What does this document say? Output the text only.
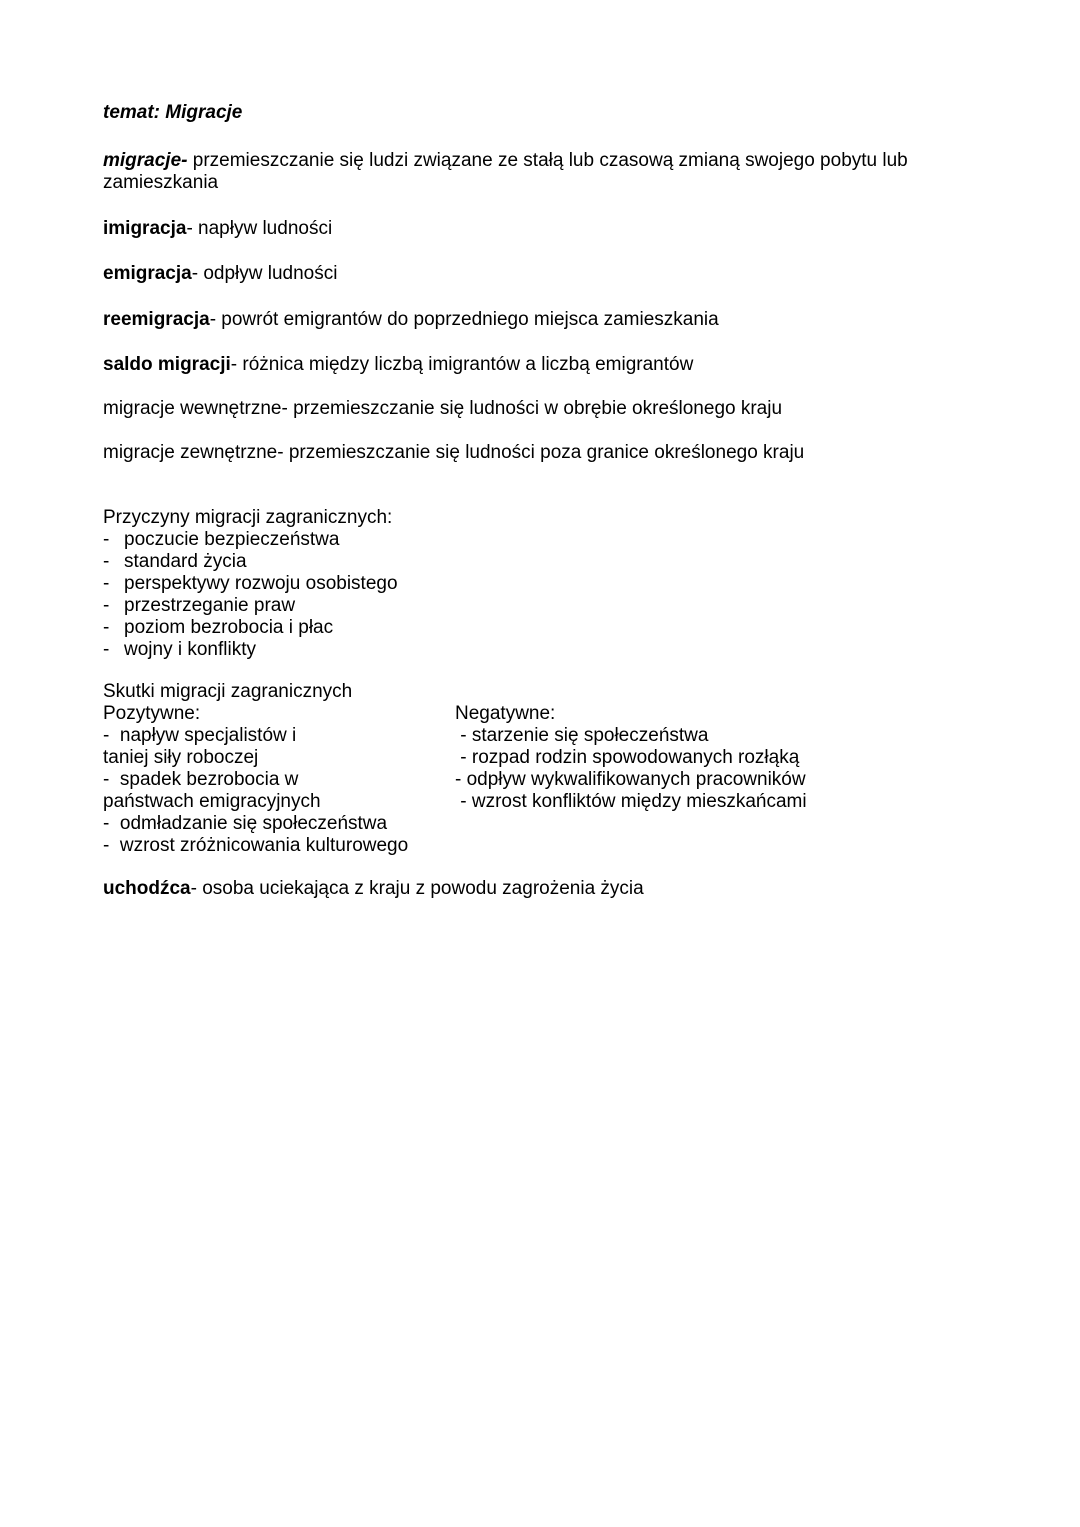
temat: Migracje
migracje- przemieszczanie się ludzi związane ze stałą lub czasową zmianą swojego pobytu lub zamieszkania
imigracja- napływ ludności
emigracja- odpływ ludności
reemigracja- powrót emigrantów do poprzedniego miejsca zamieszkania
saldo migracji- różnica między liczbą imigrantów a liczbą emigrantów
migracje wewnętrzne- przemieszczanie się ludności w obrębie określonego kraju
migracje zewnętrzne- przemieszczanie się ludności poza granice określonego kraju
Przyczyny migracji zagranicznych:
- poczucie bezpieczeństwa
- standard życia
- perspektywy rozwoju osobistego
- przestrzeganie praw
- poziom bezrobocia i płac
- wojny i konflikty
Skutki migracji zagranicznych
Pozytywne:
-  napływ specjalistów i
taniej siły roboczej
-  spadek bezrobocia w
państwach emigracyjnych
-  odmładzanie się społeczeństwa
-  wzrost zróżnicowania kulturowego
Negatywne:
- starzenie się społeczeństwa
- rozpad rodzin spowodowanych rozłąką
- odpływ wykwalifikowanych pracowników
- wzrost konfliktów między mieszkańcami
uchodźca- osoba uciekająca z kraju z powodu zagrożenia życia
